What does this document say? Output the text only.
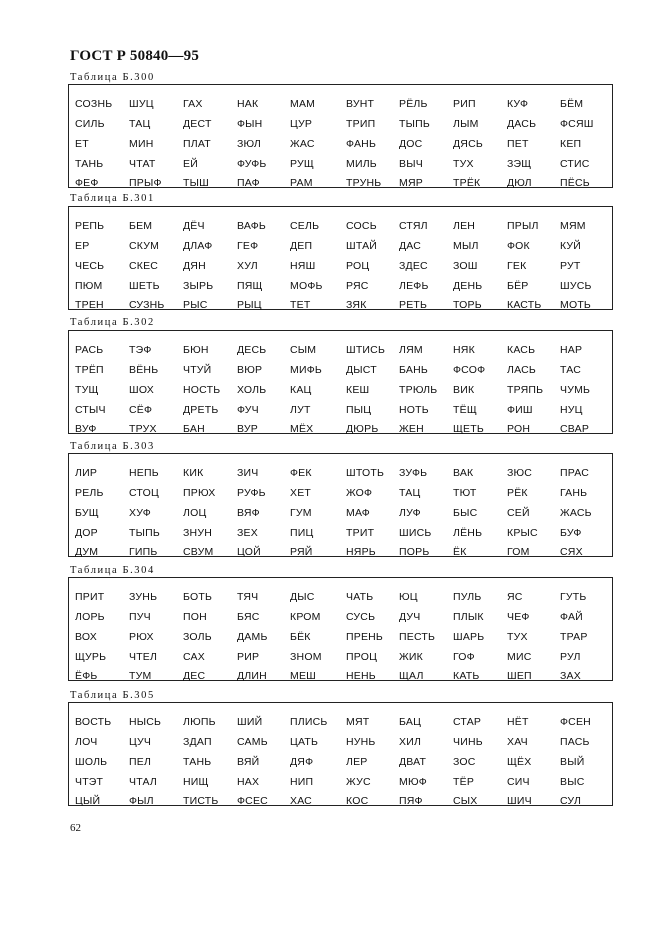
ГОСТ Р 50840—95
Таблица Б.300
СОЗНЬ ШУЦ	ГАХ	НАК	МАМ	ВУНТ РЁЛЬ РИП	КУФ	БЁМ
СИЛЬ ТАЦ	ДЕСТ ФЫН	ЦУР	ТРИП ТЫПЬ ЛЫМ	ДАСЬ ФСЯШ
ЕТ	МИН	ПЛАТ ЗЮЛ	ЖАС	ФАНЬ ДОС	ДЯСЬ ПЕТ	КЕП
ТАНЬ ЧТАТ	ЕЙ	ФУФЬ РУЩ	МИЛЬ ВЫЧ	ТУХ	ЗЭЩ	СТИС
ФЕФ	ПРЫФ ТЫШ	ПАФ	РАМ	ТРУНЬ МЯР	ТРЁК	ДЮЛ	ПЁСЬ
Таблица Б.301
РЕПЬ БЕМ	ДЁЧ	ВАФЬ СЕЛЬ	СОСЬ СТЯЛ ЛЕН	ПРЫЛ МЯМ
ЕР	СКУМ ДЛАФ ГЕФ	ДЕП	ШТАЙ ДАС	МЫЛ	ФОК	КУЙ
ЧЕСЬ СКЕС ДЯН	ХУЛ	НЯШ	РОЦ	ЗДЕС ЗОШ	ГЕК	РУТ
ПЮМ	ШЕТЬ ЗЫРЬ ПЯЩ	МОФЬ РЯС	ЛЕФЬ ДЕНЬ БЁР	ШУСЬ
ТРЕН СУЗНЬ РЫС	РЫЦ	ТЕТ	ЗЯК	РЕТЬ ТОРЬ КАСТЬ МОТЬ
Таблица Б.302
РАСЬ ТЭФ	БЮН	ДЕСЬ СЫМ	ШТИСЬ ЛЯМ	НЯК	КАСЬ НАР
ТРЁП ВЁНЬ ЧТУЙ ВЮР	МИФЬ ДЫСТ БАНЬ ФСОФ ЛАСЬ ТАС
ТУЩ	ШОХ	НОСТЬ ХОЛЬ КАЦ	КЕШ	ТРЮЛЬ ВИК	ТРЯПЬ ЧУМЬ
СТЫЧ СЁФ	ДРЕТЬ ФУЧ	ЛУТ	ПЫЦ	НОТЬ ТЁЩ	ФИШ	НУЦ
ВУФ	ТРУХ	БАН	ВУР	МЁХ	ДЮРЬ ЖЕН	ЩЕТЬ РОН	СВАР
Таблица Б.303
ЛИР	НЕПЬ КИК	ЗИЧ	ФЕК	ШТОТЬ ЗУФЬ ВАК	ЗЮС	ПРАС
РЕЛЬ СТОЦ ПРЮХ РУФЬ ХЕТ	ЖОФ	ТАЦ	ТЮТ	РЁК	ГАНЬ
БУЩ	ХУФ	ЛОЦ	ВЯФ	ГУМ	МАФ	ЛУФ	БЫС	СЕЙ	ЖАСЬ
ДОР	ТЫПЬ ЗНУН ЗЕХ	ПИЦ	ТРИТ ШИСЬ ЛЁНЬ КРЫС БУФ
ДУМ	ГИПЬ СВУМ ЦОЙ	РЯЙ	НЯРЬ ПОРЬ ЁК	ГОМ	СЯХ
Таблица Б.304
ПРИТ ЗУНЬ БОТЬ ТЯЧ	ДЫС	ЧАТЬ ЮЦ	ПУЛЬ ЯС	ГУТЬ
ЛОРЬ ПУЧ	ПОН	БЯС	КРОМ СУСЬ ДУЧ	ПЛЫК ЧЕФ	ФАЙ
ВОХ	РЮХ	ЗОЛЬ ДАМЬ БЁК	ПРЕНЬ ПЕСТЬ ШАРЬ ТУХ	ТРАР
ЩУРЬ ЧТЕЛ САХ	РИР	ЗНОМ ПРОЦ ЖИК	ГОФ	МИС	РУЛ
ЁФЬ	ТУМ	ДЕС	ДЛИН МЕШ	НЕНЬ ЩАЛ	КАТЬ	ШЕП	ЗАХ
Таблица Б.305
ВОСТЬ НЫСЬ ЛЮПЬ ШИЙ	ПЛИСЬ МЯТ	БАЦ	СТАР НЁТ	ФСЕН
ЛОЧ	ЦУЧ	ЗДАП САМЬ ЦАТЬ	НУНЬ ХИЛ	ЧИНЬ ХАЧ	ПАСЬ
ШОЛЬ ПЕЛ	ТАНЬ ВЯЙ	ДЯФ	ЛЕР	ДВАТ	ЗОС	ЩЁХ	ВЫЙ
ЧТЭТ ЧТАЛ НИЩ	НАХ	НИП	ЖУС	МЮФ ТЁР	СИЧ	ВЫС
ЦЫЙ	ФЫЛ	ТИСТЬ ФСЕС ХАС	КОС	ПЯФ	СЫХ	ШИЧ	СУЛ
62
